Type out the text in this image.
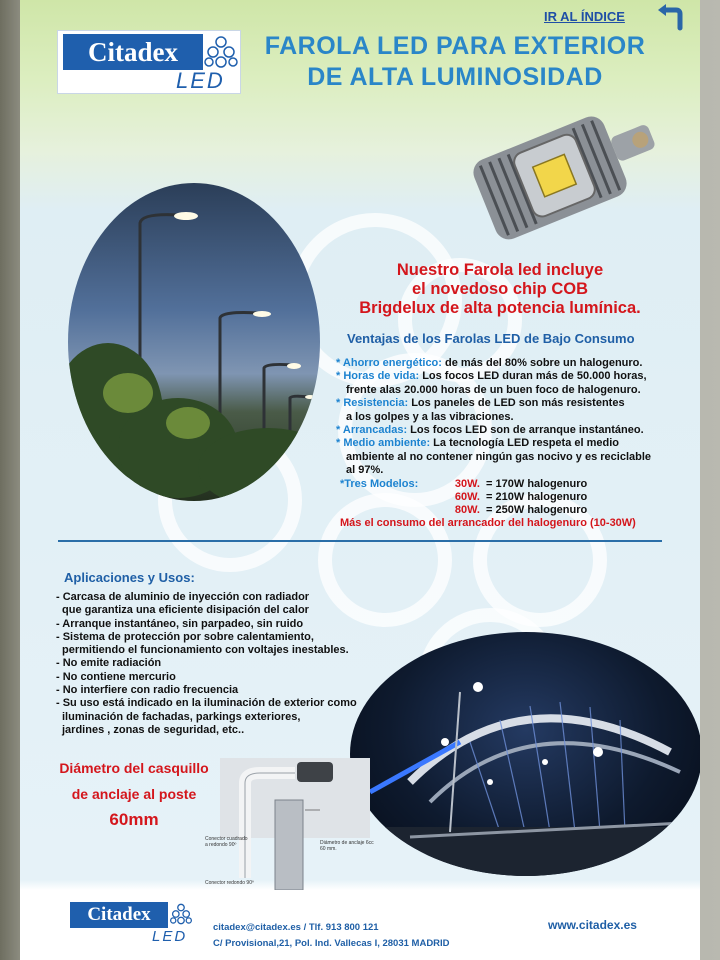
IR AL ÍNDICE
Citadex
LED
FAROLA LED PARA EXTERIOR
DE ALTA LUMINOSIDAD
Nuestro Farola led incluye
el novedoso chip COB
Brigdelux de alta potencia lumínica.
Ventajas de los Farolas LED de Bajo Consumo
* Ahorro energético: de más del 80% sobre un halogenuro.
* Horas de vida: Los focos LED duran más de 50.000 horas,
frente alas 20.000 horas de un buen foco de halogenuro.
* Resistencia: Los paneles de LED son más resistentes
a los golpes y a las vibraciones.
* Arrancadas: Los focos LED son de arranque instantáneo.
* Medio ambiente: La tecnología LED respeta el medio
ambiente al no contener ningún gas nocivo y es reciclable
al 97%.
*Tres Modelos:	30W. = 170W halogenuro
60W. = 210W halogenuro
80W. = 250W halogenuro
Más el consumo del arrancador del halogenuro (10-30W)
Aplicaciones y Usos:
- Carcasa de aluminio de inyección con radiador
que garantiza una eficiente disipación del calor
- Arranque instantáneo, sin parpadeo, sin ruido
- Sistema de protección por sobre calentamiento,
permitiendo el funcionamiento con voltajes inestables.
- No emite radiación
- No contiene mercurio
- No interfiere con radio frecuencia
- Su uso está indicado en la iluminación de exterior como
iluminación de fachadas, parkings exteriores,
jardines , zonas de seguridad, etc..
Diámetro del casquillo
de anclaje al poste
60mm
Conector cuadrado
a redondo 90º	Diámetro de anclaje 6cc
60 mm.
Conector redondo 90º
Citadex
LED
citadex@citadex.es / Tlf. 913 800 121
C/ Provisional,21, Pol. Ind. Vallecas I, 28031 MADRID
www.citadex.es
